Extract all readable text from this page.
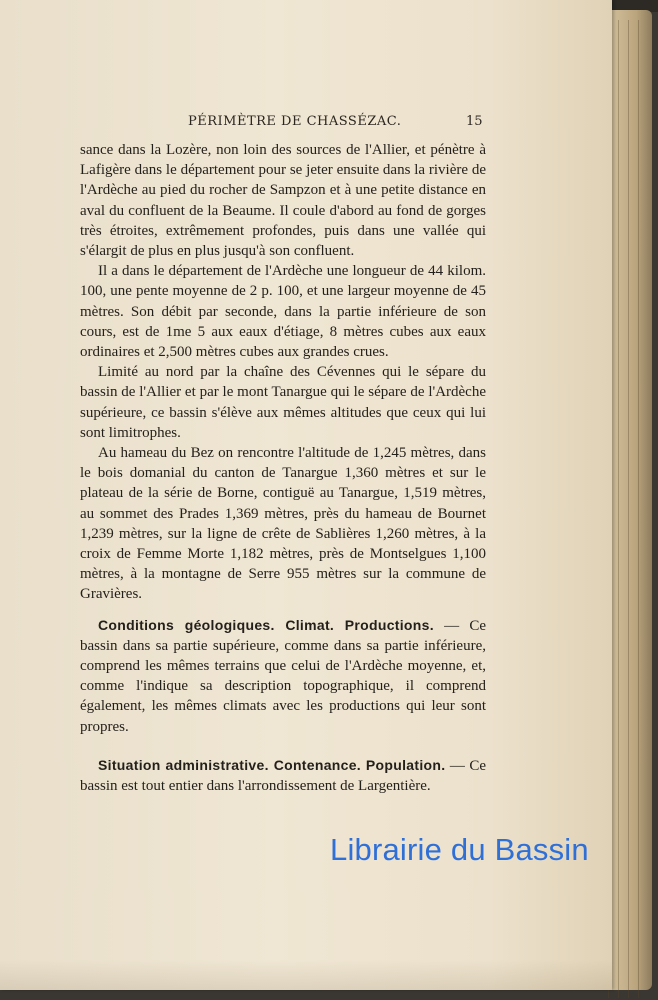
PÉRIMÈTRE DE CHASSÉZAC.	15

sance dans la Lozère, non loin des sources de l'Allier, et pénètre à Lafigère dans le département pour se jeter ensuite dans la rivière de l'Ardèche au pied du rocher de Sampzon et à une petite distance en aval du confluent de la Beaume. Il coule d'abord au fond de gorges très étroites, extrêmement profondes, puis dans une vallée qui s'élargit de plus en plus jusqu'à son confluent.

Il a dans le département de l'Ardèche une longueur de 44 kilom. 100, une pente moyenne de 2 p. 100, et une largeur moyenne de 45 mètres. Son débit par seconde, dans la partie inférieure de son cours, est de 1me 5 aux eaux d'étiage, 8 mètres cubes aux eaux ordinaires et 2,500 mètres cubes aux grandes crues.

Limité au nord par la chaîne des Cévennes qui le sépare du bassin de l'Allier et par le mont Tanargue qui le sépare de l'Ardèche supérieure, ce bassin s'élève aux mêmes altitudes que ceux qui lui sont limitrophes.

Au hameau du Bez on rencontre l'altitude de 1,245 mètres, dans le bois domanial du canton de Tanargue 1,360 mètres et sur le plateau de la série de Borne, contiguë au Tanargue, 1,519 mètres, au sommet des Prades 1,369 mètres, près du hameau de Bournet 1,239 mètres, sur la ligne de crête de Sablières 1,260 mètres, à la croix de Femme Morte 1,182 mètres, près de Montselgues 1,100 mètres, à la montagne de Serre 955 mètres sur la commune de Gravières.

Conditions géologiques. Climat. Productions. — Ce bassin dans sa partie supérieure, comme dans sa partie inférieure, comprend les mêmes terrains que celui de l'Ardèche moyenne, et, comme l'indique sa description topographique, il comprend également, les mêmes climats avec les productions qui leur sont propres.

Situation administrative. Contenance. Population. — Ce bassin est tout entier dans l'arrondissement de Largentière.

Librairie du Bassin
